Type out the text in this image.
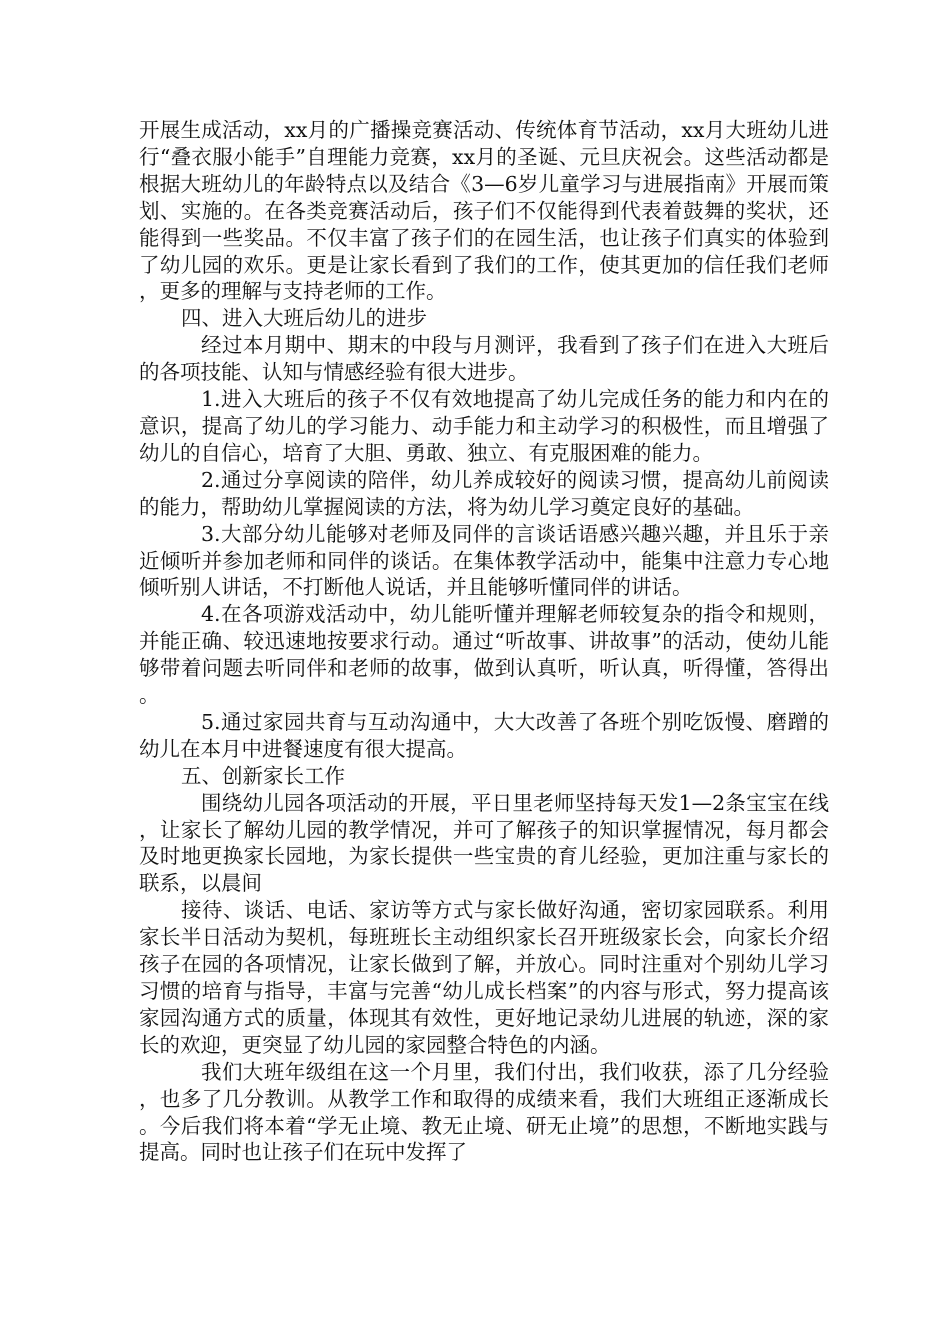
开展生成活动，xx月的广播操竞赛活动、传统体育节活动，xx月大班幼儿进行“叠衣服小能手”自理能力竞赛，xx月的圣诞、元旦庆祝会。这些活动都是根据大班幼儿的年龄特点以及结合《3—6岁儿童学习与进展指南》开展而策划、实施的。在各类竞赛活动后，孩子们不仅能得到代表着鼓舞的奖状，还能得到一些奖品。不仅丰富了孩子们的在园生活，也让孩子们真实的体验到了幼儿园的欢乐。更是让家长看到了我们的工作，使其更加的信任我们老师，更多的理解与支持老师的工作。

四、进入大班后幼儿的进步

经过本月期中、期末的中段与月测评，我看到了孩子们在进入大班后的各项技能、认知与情感经验有很大进步。

1.进入大班后的孩子不仅有效地提高了幼儿完成任务的能力和内在的意识，提高了幼儿的学习能力、动手能力和主动学习的积极性，而且增强了幼儿的自信心，培育了大胆、勇敢、独立、有克服困难的能力。

2.通过分享阅读的陪伴，幼儿养成较好的阅读习惯，提高幼儿前阅读的能力，帮助幼儿掌握阅读的方法，将为幼儿学习奠定良好的基础。

3.大部分幼儿能够对老师及同伴的言谈话语感兴趣兴趣，并且乐于亲近倾听并参加老师和同伴的谈话。在集体教学活动中，能集中注意力专心地倾听别人讲话，不打断他人说话，并且能够听懂同伴的讲话。

4.在各项游戏活动中，幼儿能听懂并理解老师较复杂的指令和规则，并能正确、较迅速地按要求行动。通过“听故事、讲故事”的活动，使幼儿能够带着问题去听同伴和老师的故事，做到认真听，听认真，听得懂，答得出。

5.通过家园共育与互动沟通中，大大改善了各班个别吃饭慢、磨蹭的幼儿在本月中进餐速度有很大提高。

五、创新家长工作

围绕幼儿园各项活动的开展，平日里老师坚持每天发1—2条宝宝在线，让家长了解幼儿园的教学情况，并可了解孩子的知识掌握情况，每月都会及时地更换家长园地，为家长提供一些宝贵的育儿经验，更加注重与家长的联系，以晨间

接待、谈话、电话、家访等方式与家长做好沟通，密切家园联系。利用家长半日活动为契机，每班班长主动组织家长召开班级家长会，向家长介绍孩子在园的各项情况，让家长做到了解，并放心。同时注重对个别幼儿学习习惯的培育与指导，丰富与完善“幼儿成长档案”的内容与形式，努力提高该家园沟通方式的质量，体现其有效性，更好地记录幼儿进展的轨迹，深的家长的欢迎，更突显了幼儿园的家园整合特色的内涵。

我们大班年级组在这一个月里，我们付出，我们收获，添了几分经验，也多了几分教训。从教学工作和取得的成绩来看，我们大班组正逐渐成长。今后我们将本着“学无止境、教无止境、研无止境”的思想，不断地实践与提高。同时也让孩子们在玩中发挥了
